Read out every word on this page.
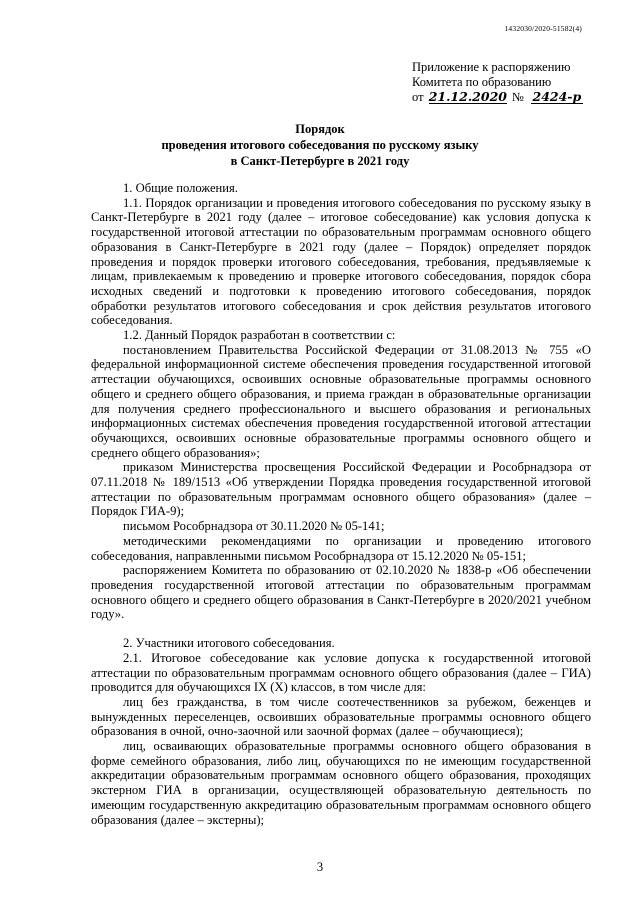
1432030/2020-51582(4)
Приложение к распоряжению
Комитета по образованию
от 21.12.2020 № 2424-р
Порядок
проведения итогового собеседования по русскому языку
в Санкт-Петербурге в 2021 году

1. Общие положения.

1.1. Порядок организации и проведения итогового собеседования по русскому языку в Санкт-Петербурге в 2021 году (далее – итоговое собеседование) как условия допуска к государственной итоговой аттестации по образовательным программам основного общего образования в Санкт-Петербурге в 2021 году (далее – Порядок) определяет порядок проведения и порядок проверки итогового собеседования, требования, предъявляемые к лицам, привлекаемым к проведению и проверке итогового собеседования, порядок сбора исходных сведений и подготовки к проведению итогового собеседования, порядок обработки результатов итогового собеседования и срок действия результатов итогового собеседования.

1.2. Данный Порядок разработан в соответствии с:

постановлением Правительства Российской Федерации от 31.08.2013 № 755 «О федеральной информационной системе обеспечения проведения государственной итоговой аттестации обучающихся, освоивших основные образовательные программы основного общего и среднего общего образования, и приема граждан в образовательные организации для получения среднего профессионального и высшего образования и региональных информационных системах обеспечения проведения государственной итоговой аттестации обучающихся, освоивших основные образовательные программы основного общего и среднего общего образования»;

приказом Министерства просвещения Российской Федерации и Рособрнадзора от 07.11.2018 № 189/1513 «Об утверждении Порядка проведения государственной итоговой аттестации по образовательным программам основного общего образования» (далее – Порядок ГИА-9);

письмом Рособрнадзора от 30.11.2020 № 05-141;

методическими рекомендациями по организации и проведению итогового собеседования, направленными письмом Рособрнадзора от 15.12.2020 № 05-151;

распоряжением Комитета по образованию от 02.10.2020 № 1838-р «Об обеспечении проведения государственной итоговой аттестации по образовательным программам основного общего и среднего общего образования в Санкт-Петербурге в 2020/2021 учебном году».

2. Участники итогового собеседования.

2.1. Итоговое собеседование как условие допуска к государственной итоговой аттестации по образовательным программам основного общего образования (далее – ГИА) проводится для обучающихся IX (X) классов, в том числе для:

лиц без гражданства, в том числе соотечественников за рубежом, беженцев и вынужденных переселенцев, освоивших образовательные программы основного общего образования в очной, очно-заочной или заочной формах (далее – обучающиеся);

лиц, осваивающих образовательные программы основного общего образования в форме семейного образования, либо лиц, обучающихся по не имеющим государственной аккредитации образовательным программам основного общего образования, проходящих экстерном ГИА в организации, осуществляющей образовательную деятельность по имеющим государственную аккредитацию образовательным программам основного общего образования (далее – экстерны);

3
